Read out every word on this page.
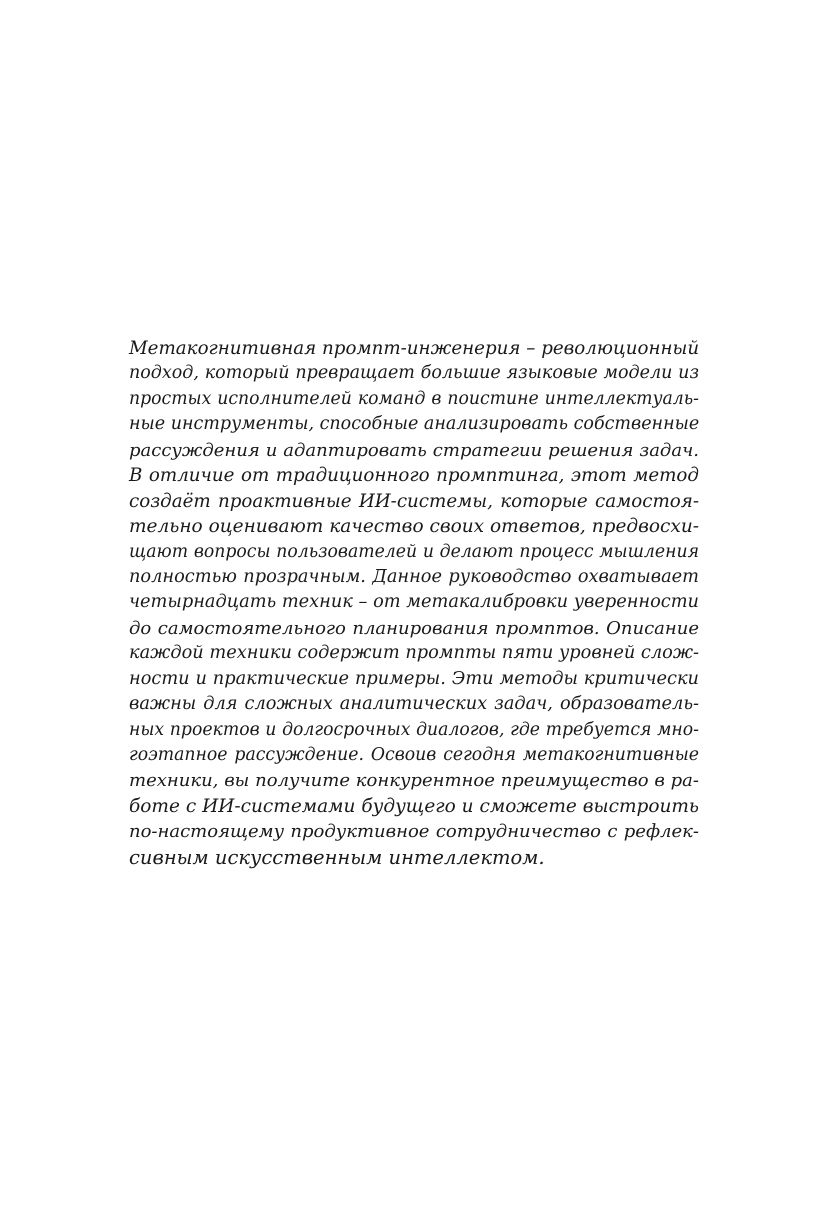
Метакогнитивная промпт-инженерия – революционный
подход, который превращает большие языковые модели из
простых исполнителей команд в поистине интеллектуаль-
ные инструменты, способные анализировать собственные
рассуждения и адаптировать стратегии решения задач.
В отличие от традиционного промптинга, этот метод
создаёт проактивные ИИ-системы, которые самостоя-
тельно оценивают качество своих ответов, предвосхи-
щают вопросы пользователей и делают процесс мышления
полностью прозрачным. Данное руководство охватывает
четырнадцать техник – от метакалибровки уверенности
до самостоятельного планирования промптов. Описание
каждой техники содержит промпты пяти уровней слож-
ности и практические примеры. Эти методы критически
важны для сложных аналитических задач, образователь-
ных проектов и долгосрочных диалогов, где требуется мно-
гоэтапное рассуждение. Освоив сегодня метакогнитивные
техники, вы получите конкурентное преимущество в ра-
боте с ИИ-системами будущего и сможете выстроить
по-настоящему продуктивное сотрудничество с рефлек-
сивным искусственным интеллектом.
